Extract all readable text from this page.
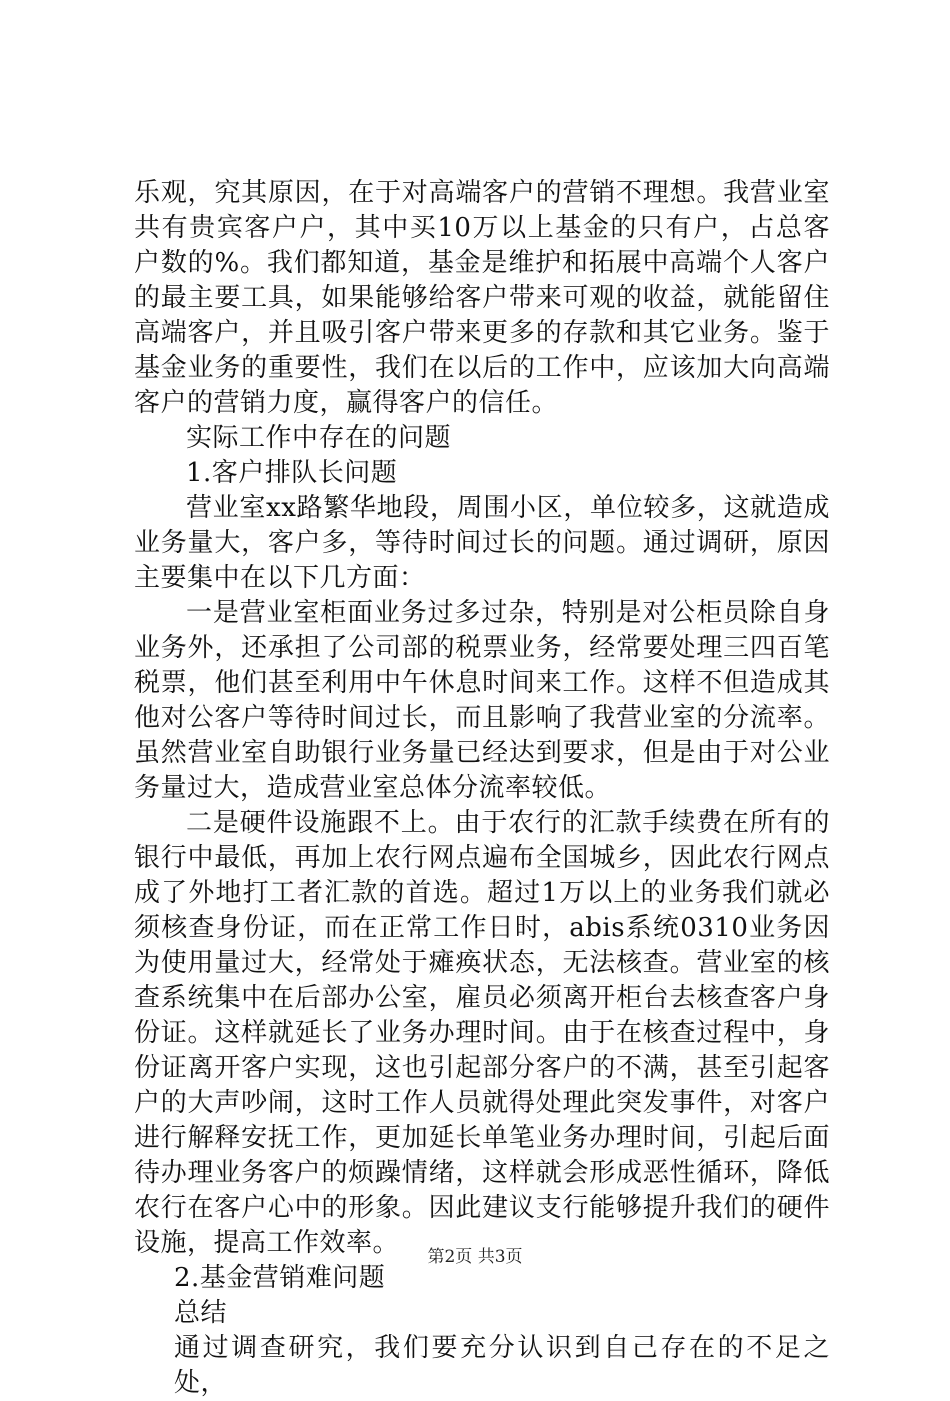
乐观，究其原因，在于对高端客户的营销不理想。我营业室共有贵宾客户户，其中买10万以上基金的只有户，占总客户数的%。我们都知道，基金是维护和拓展中高端个人客户的最主要工具，如果能够给客户带来可观的收益，就能留住高端客户，并且吸引客户带来更多的存款和其它业务。鉴于基金业务的重要性，我们在以后的工作中，应该加大向高端客户的营销力度，赢得客户的信任。

实际工作中存在的问题

1.客户排队长问题

营业室xx路繁华地段，周围小区，单位较多，这就造成业务量大，客户多，等待时间过长的问题。通过调研，原因主要集中在以下几方面：

一是营业室柜面业务过多过杂，特别是对公柜员除自身业务外，还承担了公司部的税票业务，经常要处理三四百笔税票，他们甚至利用中午休息时间来工作。这样不但造成其他对公客户等待时间过长，而且影响了我营业室的分流率。虽然营业室自助银行业务量已经达到要求，但是由于对公业务量过大，造成营业室总体分流率较低。

二是硬件设施跟不上。由于农行的汇款手续费在所有的银行中最低，再加上农行网点遍布全国城乡，因此农行网点成了外地打工者汇款的首选。超过1万以上的业务我们就必须核查身份证，而在正常工作日时，abis系统0310业务因为使用量过大，经常处于瘫痪状态，无法核查。营业室的核查系统集中在后部办公室，雇员必须离开柜台去核查客户身份证。这样就延长了业务办理时间。由于在核查过程中，身份证离开客户实现，这也引起部分客户的不满，甚至引起客户的大声吵闹，这时工作人员就得处理此突发事件，对客户进行解释安抚工作，更加延长单笔业务办理时间，引起后面待办理业务客户的烦躁情绪，这样就会形成恶性循环，降低农行在客户心中的形象。因此建议支行能够提升我们的硬件设施，提高工作效率。

2.基金营销难问题

总结

通过调查研究，我们要充分认识到自己存在的不足之处，

第2页 共3页
